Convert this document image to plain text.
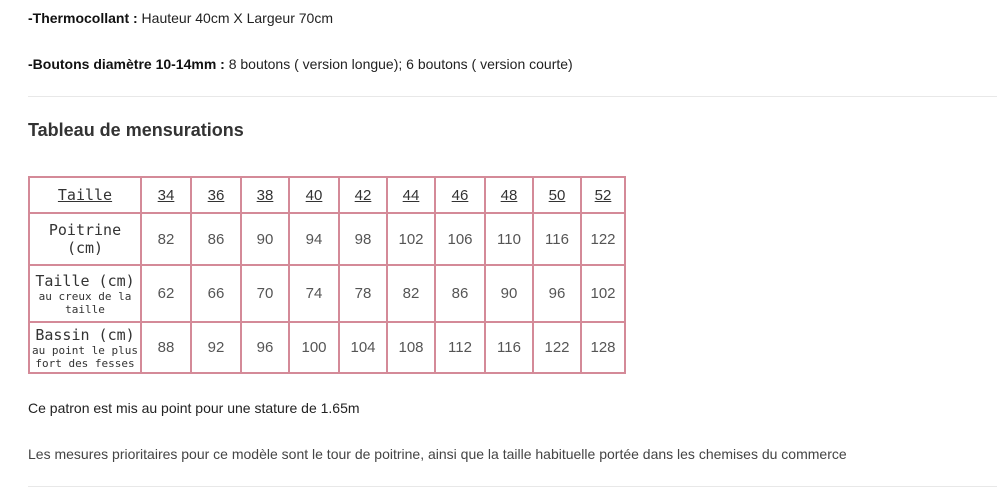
-Thermocollant : Hauteur 40cm X Largeur 70cm
-Boutons diamètre 10-14mm : 8 boutons ( version longue); 6 boutons ( version courte)
Tableau de mensurations
Taille	34	36	38	40	42	44	46	48	50	52

Poitrine
(cm)	82	86	90	94	98	102	106	110	116	122

Taille (cm)
au creux de la taille	62	66	70	74	78	82	86	90	96	102

Bassin (cm)
au point le plus fort des fesses	88	92	96	100	104	108	112	116	122	128
Ce patron est mis au point pour une stature de 1.65m
Les mesures prioritaires pour ce modèle sont le tour de poitrine, ainsi que la taille habituelle portée dans les chemises du commerce
